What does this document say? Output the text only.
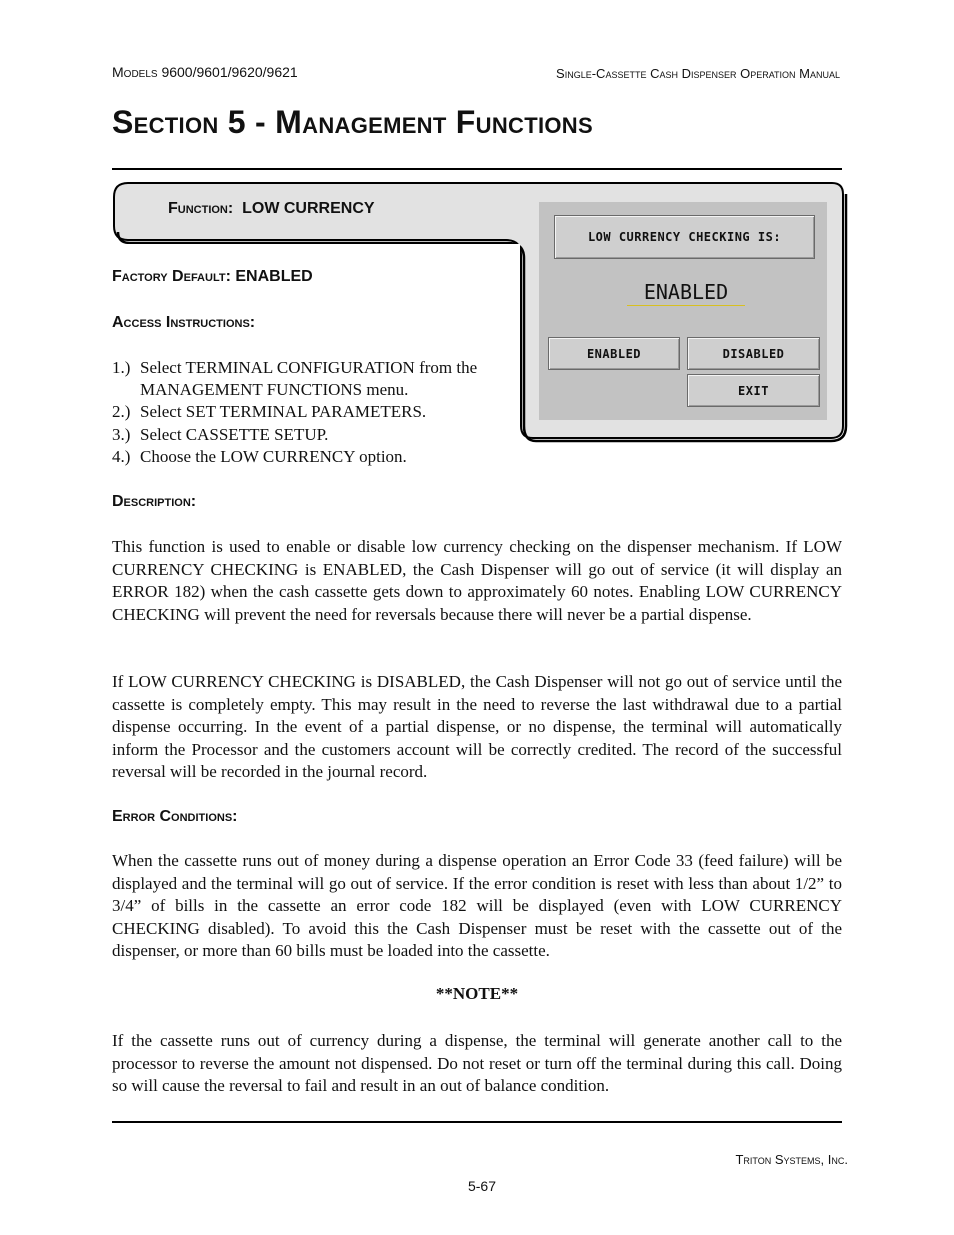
Models 9600/9601/9620/9621	Single-Cassette Cash Dispenser Operation Manual
Section 5 - Management Functions
Function: LOW CURRENCY
LOW CURRENCY CHECKING IS:
ENABLED
ENABLED	DISABLED
EXIT
Factory Default: ENABLED
Access Instructions:
1.) Select TERMINAL CONFIGURATION from the
MANAGEMENT FUNCTIONS menu.
2.) Select SET TERMINAL PARAMETERS.
3.) Select CASSETTE SETUP.
4.) Choose the LOW CURRENCY option.
Description:

This function is used to enable or disable low currency checking on the dispenser mechanism. If LOW CURRENCY CHECKING is ENABLED, the Cash Dispenser will go out of service (it will display an ERROR 182) when the cash cassette gets down to approximately 60 notes. Enabling LOW CURRENCY CHECKING will prevent the need for reversals because there will never be a partial dispense.

If LOW CURRENCY CHECKING is DISABLED, the Cash Dispenser will not go out of service until the cassette is completely empty. This may result in the need to reverse the last withdrawal due to a partial dispense occurring. In the event of a partial dispense, or no dispense, the terminal will automatically inform the Processor and the customers account will be correctly credited. The record of the successful reversal will be recorded in the journal record.

Error Conditions:

When the cassette runs out of money during a dispense operation an Error Code 33 (feed failure) will be displayed and the terminal will go out of service. If the error condition is reset with less than about 1/2” to 3/4” of bills in the cassette an error code 182 will be displayed (even with LOW CURRENCY CHECKING disabled). To avoid this the Cash Dispenser must be reset with the cassette out of the dispenser, or more than 60 bills must be loaded into the cassette.

**NOTE**

If the cassette runs out of currency during a dispense, the terminal will generate another call to the processor to reverse the amount not dispensed. Do not reset or turn off the terminal during this call. Doing so will cause the reversal to fail and result in an out of balance condition.

Triton Systems, Inc.
5-67
